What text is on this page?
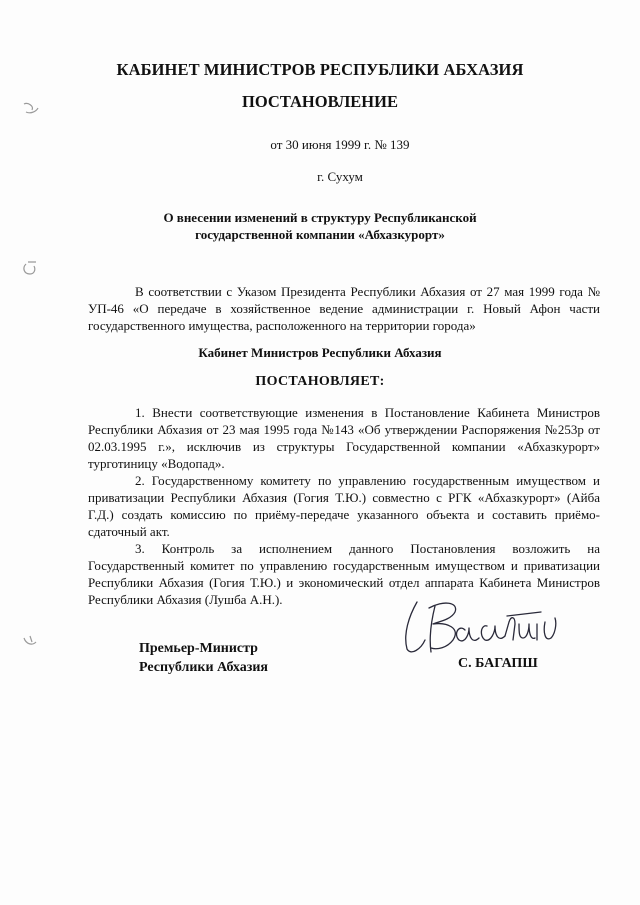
КАБИНЕТ МИНИСТРОВ РЕСПУБЛИКИ АБХАЗИЯ
ПОСТАНОВЛЕНИЕ
от 30 июня 1999 г. № 139
г. Сухум
О внесении изменений в структуру Республиканской
государственной компании «Абхазкурорт»
В соответствии с Указом Президента Республики Абхазия от 27 мая 1999 года № УП-46 «О передаче в хозяйственное ведение администрации г. Новый Афон части государственного имущества, расположенного на территории города»
Кабинет Министров Республики Абхазия
ПОСТАНОВЛЯЕТ:

1. Внести соответствующие изменения в Постановление Кабинета Министров Республики Абхазия от 23 мая 1995 года №143 «Об утверждении Распоряжения №253р от 02.03.1995 г.», исключив из структуры Государственной компании «Абхазкурорт» турготиницу «Водопад».

2. Государственному комитету по управлению государственным имуществом и приватизации Республики Абхазия (Гогия Т.Ю.) совместно с РГК «Абхазкурорт» (Айба Г.Д.) создать комиссию по приёму-передаче указанного объекта и составить приёмо-сдаточный акт.

3. Контроль за исполнением данного Постановления возложить на Государственный комитет по управлению государственным имуществом и приватизации Республики Абхазия (Гогия Т.Ю.) и экономический отдел аппарата Кабинета Министров Республики Абхазия (Лушба А.Н.).

Премьер-Министр
Республики Абхазия	С. БАГАПШ
